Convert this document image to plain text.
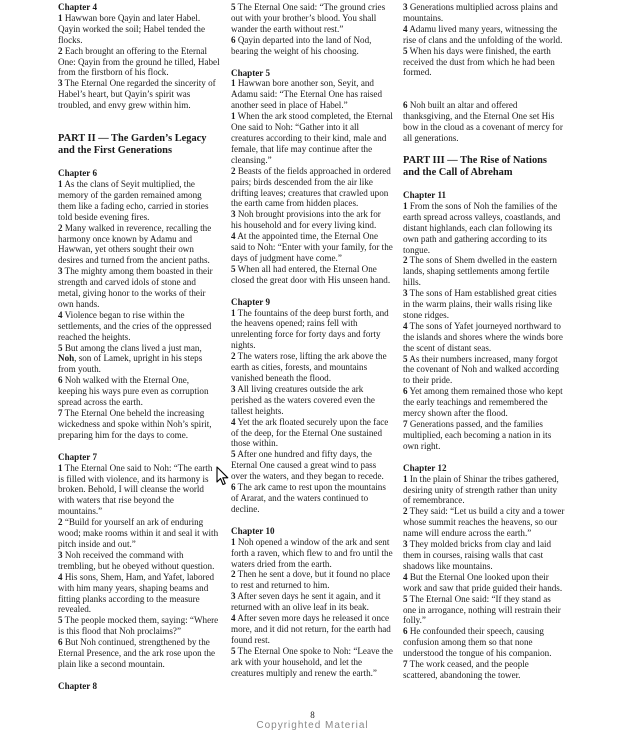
Chapter 4

1 Hawwan bore Qayin and later Habel. Qayin worked the soil; Habel tended the flocks.

2 Each brought an offering to the Eternal One: Qayin from the ground he tilled, Habel from the firstborn of his flock.

3 The Eternal One regarded the sincerity of Habel’s heart, but Qayin’s spirit was troubled, and envy grew within him.

PART II — The Garden’s Legacy and the First Generations

Chapter 6

1 As the clans of Seyit multiplied, the memory of the garden remained among them like a fading echo, carried in stories told beside evening fires.

2 Many walked in reverence, recalling the harmony once known by Adamu and Hawwan, yet others sought their own desires and turned from the ancient paths.

3 The mighty among them boasted in their strength and carved idols of stone and metal, giving honor to the works of their own hands.

4 Violence began to rise within the settlements, and the cries of the oppressed reached the heights.

5 But among the clans lived a just man, Noh, son of Lamek, upright in his steps from youth.

6 Noh walked with the Eternal One, keeping his ways pure even as corruption spread across the earth.

7 The Eternal One beheld the increasing wickedness and spoke within Noh’s spirit, preparing him for the days to come.

Chapter 7

1 The Eternal One said to Noh: “The earth is filled with violence, and its harmony is broken. Behold, I will cleanse the world with waters that rise beyond the mountains.”

2 “Build for yourself an ark of enduring wood; make rooms within it and seal it with pitch inside and out.”

3 Noh received the command with trembling, but he obeyed without question.

4 His sons, Shem, Ham, and Yafet, labored with him many years, shaping beams and fitting planks according to the measure revealed.

5 The people mocked them, saying: “Where is this flood that Noh proclaims?”

6 But Noh continued, strengthened by the Eternal Presence, and the ark rose upon the plain like a second mountain.

Chapter 8

5 The Eternal One said: “The ground cries out with your brother’s blood. You shall wander the earth without rest.”

6 Qayin departed into the land of Nod, bearing the weight of his choosing.

Chapter 5

1 Hawwan bore another son, Seyit, and Adamu said: “The Eternal One has raised another seed in place of Habel.”

1 When the ark stood completed, the Eternal One said to Noh: “Gather into it all creatures according to their kind, male and female, that life may continue after the cleansing.”

2 Beasts of the fields approached in ordered pairs; birds descended from the air like drifting leaves; creatures that crawled upon the earth came from hidden places.

3 Noh brought provisions into the ark for his household and for every living kind.

4 At the appointed time, the Eternal One said to Noh: “Enter with your family, for the days of judgment have come.”

5 When all had entered, the Eternal One closed the great door with His unseen hand.

Chapter 9

1 The fountains of the deep burst forth, and the heavens opened; rains fell with unrelenting force for forty days and forty nights.

2 The waters rose, lifting the ark above the earth as cities, forests, and mountains vanished beneath the flood.

3 All living creatures outside the ark perished as the waters covered even the tallest heights.

4 Yet the ark floated securely upon the face of the deep, for the Eternal One sustained those within.

5 After one hundred and fifty days, the Eternal One caused a great wind to pass over the waters, and they began to recede.

6 The ark came to rest upon the mountains of Ararat, and the waters continued to decline.

Chapter 10

1 Noh opened a window of the ark and sent forth a raven, which flew to and fro until the waters dried from the earth.

2 Then he sent a dove, but it found no place to rest and returned to him.

3 After seven days he sent it again, and it returned with an olive leaf in its beak.

4 After seven more days he released it once more, and it did not return, for the earth had found rest.

5 The Eternal One spoke to Noh: “Leave the ark with your household, and let the creatures multiply and renew the earth.”

3 Generations multiplied across plains and mountains.

4 Adamu lived many years, witnessing the rise of clans and the unfolding of the world.

5 When his days were finished, the earth received the dust from which he had been formed.

6 Noh built an altar and offered thanksgiving, and the Eternal One set His bow in the cloud as a covenant of mercy for all generations.

PART III — The Rise of Nations and the Call of Abreham

Chapter 11

1 From the sons of Noh the families of the earth spread across valleys, coastlands, and distant highlands, each clan following its own path and gathering according to its tongue.

2 The sons of Shem dwelled in the eastern lands, shaping settlements among fertile hills.

3 The sons of Ham established great cities in the warm plains, their walls rising like stone ridges.

4 The sons of Yafet journeyed northward to the islands and shores where the winds bore the scent of distant seas.

5 As their numbers increased, many forgot the covenant of Noh and walked according to their pride.

6 Yet among them remained those who kept the early teachings and remembered the mercy shown after the flood.

7 Generations passed, and the families multiplied, each becoming a nation in its own right.

Chapter 12

1 In the plain of Shinar the tribes gathered, desiring unity of strength rather than unity of remembrance.

2 They said: “Let us build a city and a tower whose summit reaches the heavens, so our name will endure across the earth.”

3 They molded bricks from clay and laid them in courses, raising walls that cast shadows like mountains.

4 But the Eternal One looked upon their work and saw that pride guided their hands.

5 The Eternal One said: “If they stand as one in arrogance, nothing will restrain their folly.”

6 He confounded their speech, causing confusion among them so that none understood the tongue of his companion.

7 The work ceased, and the people scattered, abandoning the tower.

8
Copyrighted Material
